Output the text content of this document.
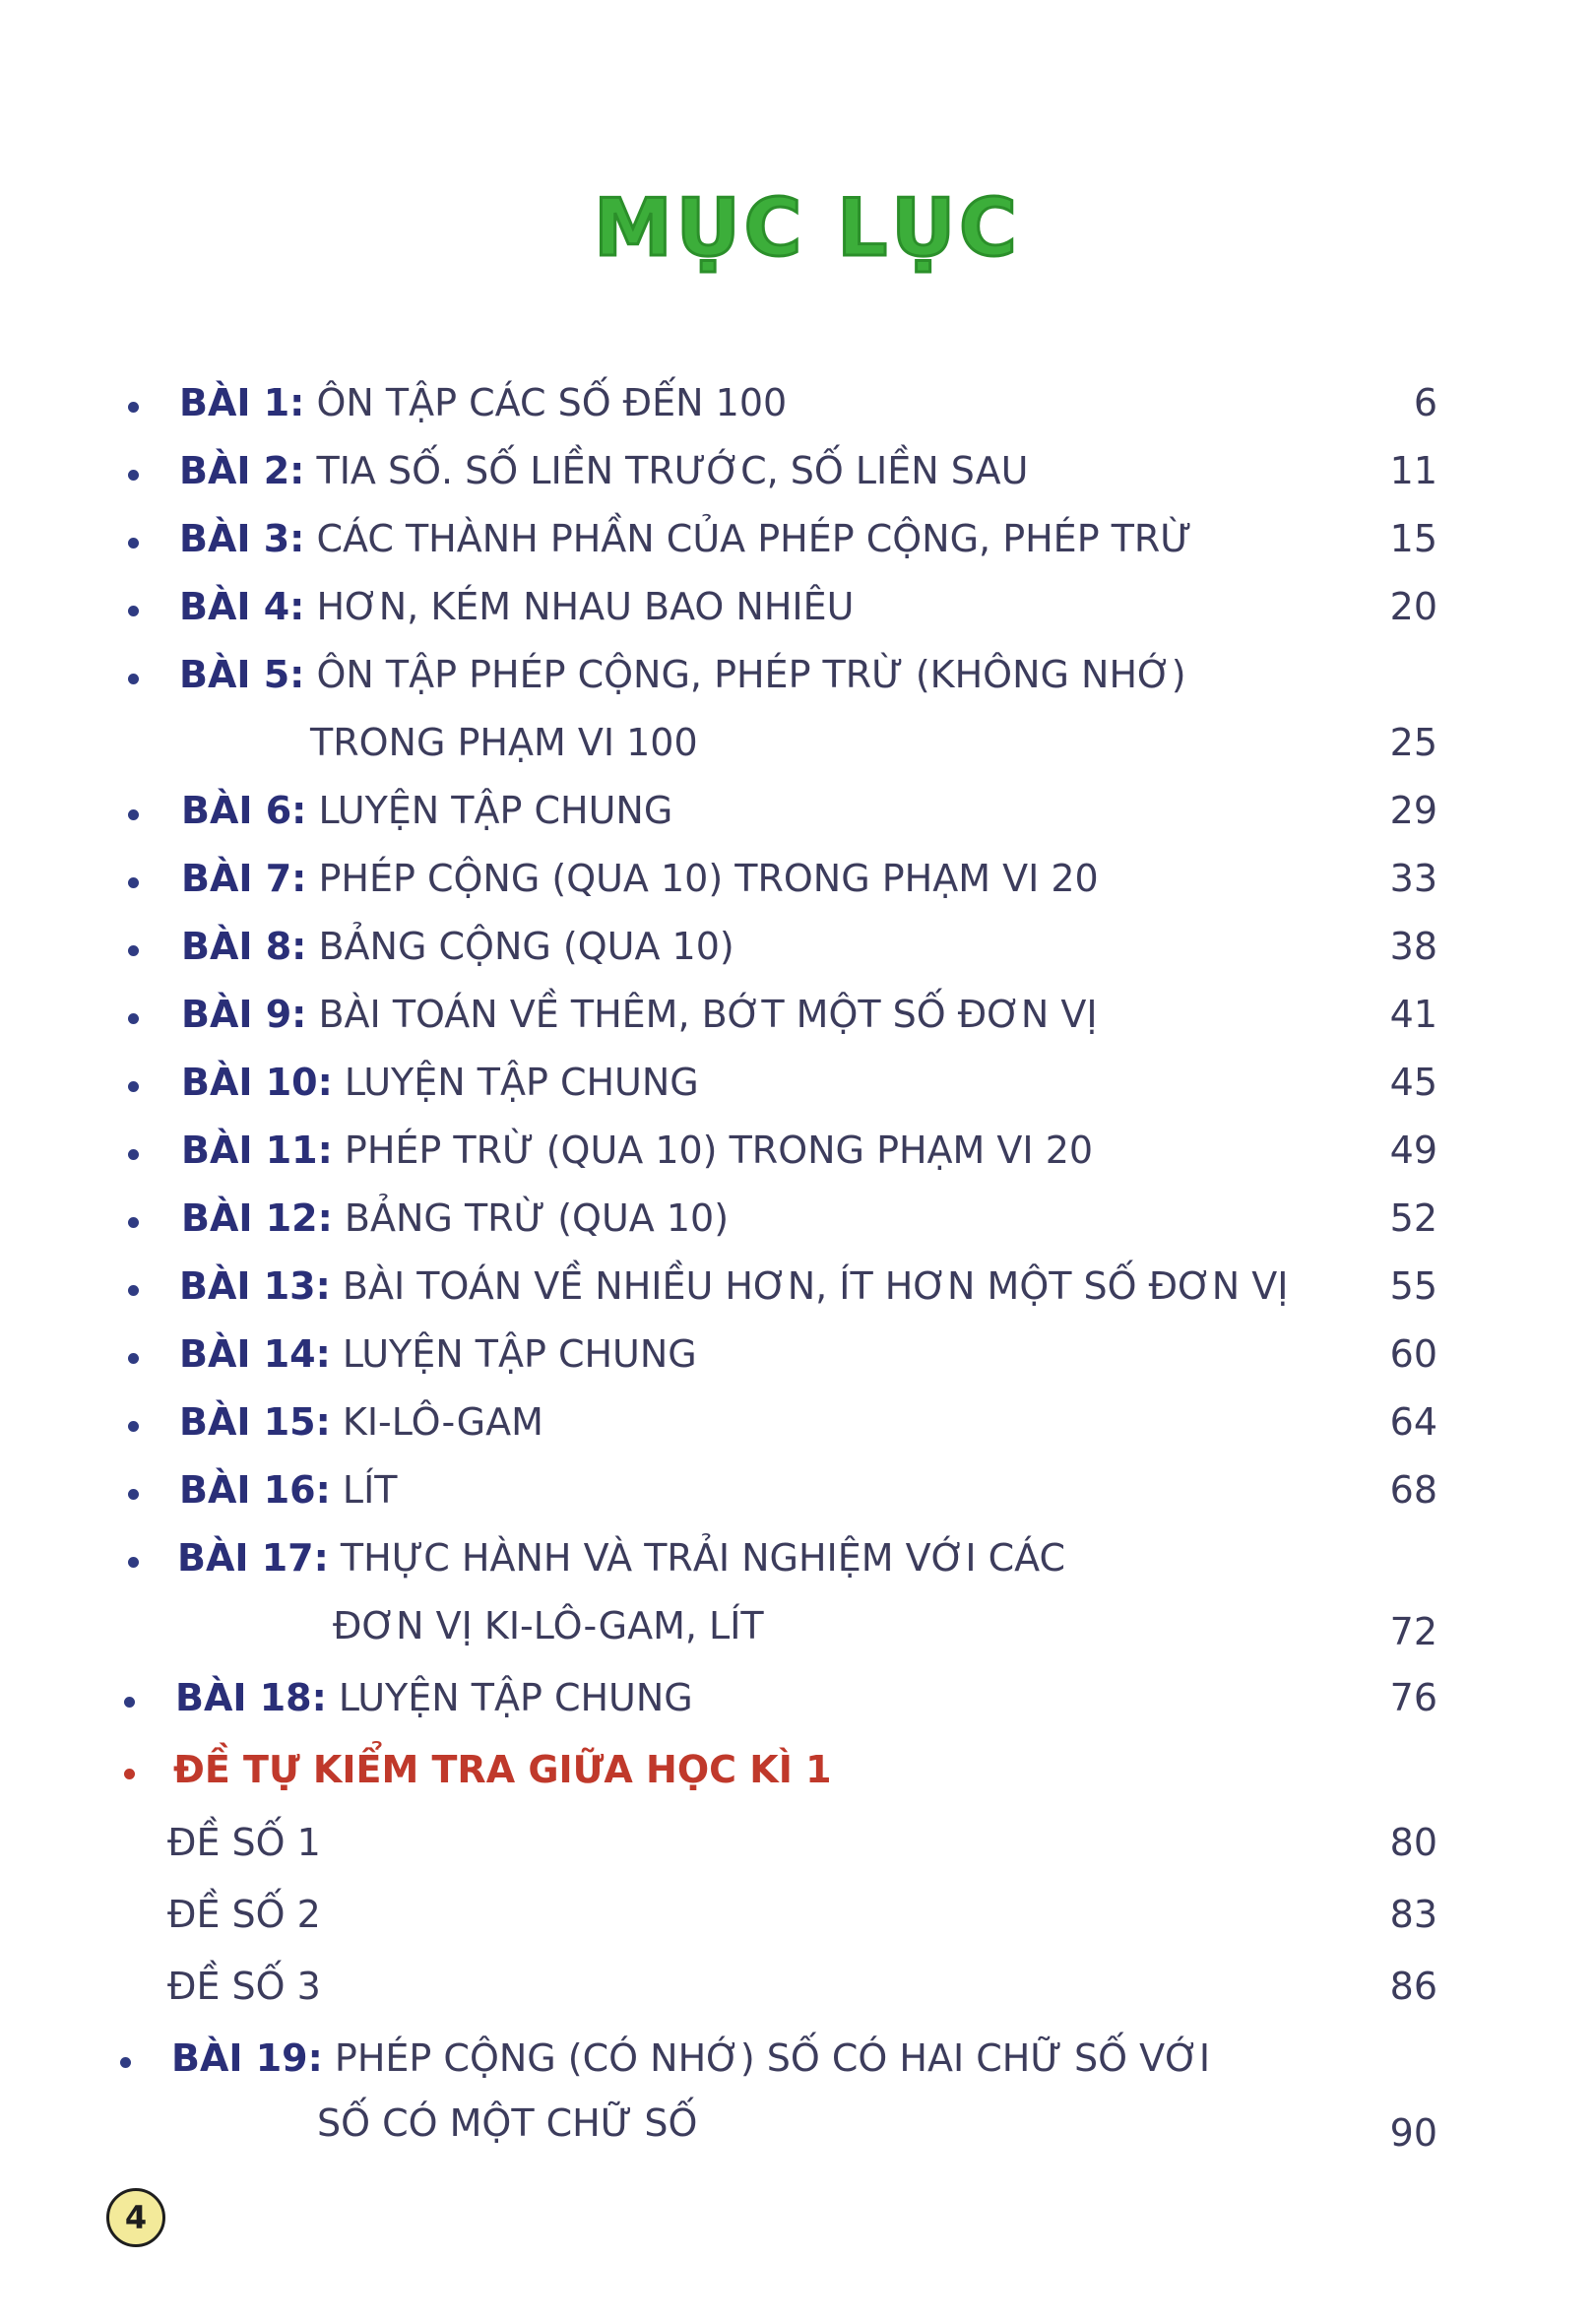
MỤC LỤC
BÀI 1: ÔN TẬP CÁC SỐ ĐẾN 100	6
BÀI 2: TIA SỐ. SỐ LIỀN TRƯỚC, SỐ LIỀN SAU	11
BÀI 3: CÁC THÀNH PHẦN CỦA PHÉP CỘNG, PHÉP TRỪ	15
BÀI 4: HƠN, KÉM NHAU BAO NHIÊU	20
BÀI 5: ÔN TẬP PHÉP CỘNG, PHÉP TRỪ (KHÔNG NHỚ)
TRONG PHẠM VI 100	25
BÀI 6: LUYỆN TẬP CHUNG	29
BÀI 7: PHÉP CỘNG (QUA 10) TRONG PHẠM VI 20	33
BÀI 8: BẢNG CỘNG (QUA 10)	38
BÀI 9: BÀI TOÁN VỀ THÊM, BỚT MỘT SỐ ĐƠN VỊ	41
BÀI 10: LUYỆN TẬP CHUNG	45
BÀI 11: PHÉP TRỪ (QUA 10) TRONG PHẠM VI 20	49
BÀI 12: BẢNG TRỪ (QUA 10)	52
BÀI 13: BÀI TOÁN VỀ NHIỀU HƠN, ÍT HƠN MỘT SỐ ĐƠN VỊ	55
BÀI 14: LUYỆN TẬP CHUNG	60
BÀI 15: KI-LÔ-GAM	64
BÀI 16: LÍT	68
BÀI 17: THỰC HÀNH VÀ TRẢI NGHIỆM VỚI CÁC
ĐƠN VỊ KI-LÔ-GAM, LÍT	72
BÀI 18: LUYỆN TẬP CHUNG	76
ĐỀ TỰ KIỂM TRA GIỮA HỌC KÌ 1
ĐỀ SỐ 1	80
ĐỀ SỐ 2	83
ĐỀ SỐ 3	86
BÀI 19: PHÉP CỘNG (CÓ NHỚ) SỐ CÓ HAI CHỮ SỐ VỚI
SỐ CÓ MỘT CHỮ SỐ	90
4
